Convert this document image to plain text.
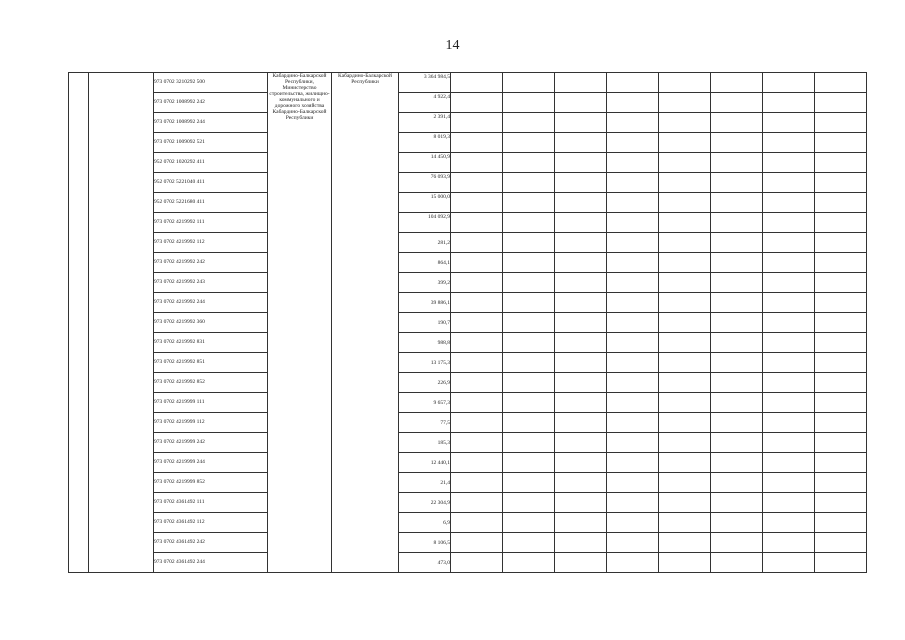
14

		973 0702 3210292 500	Кабардино-Балкарской Республики, Министерство строительства, жилищно-коммунального и дорожного хозяйства Кабардино-Балкарской Республики	Кабардино-Балкарской Республики	3 364 984,5									

		973 0702 1008992 242			4 922,4									

		973 0702 1008992 244			2 391,4									

		973 0702 1009092 521			8 019,3									

		952 0702 1020292 411			14 450,9									

		952 0702 5221040 411			76 093,9									

		952 0702 5221680 411			15 000,0									

		973 0702 4219992 111			104 092,9									

		973 0702 4219992 112			281,2									

		973 0702 4219992 242			864,1									

		973 0702 4219992 243			399,2									

		973 0702 4219992 244			39 886,1									

		973 0702 4219992 360			190,7									

		973 0702 4219992 831			988,8									

		973 0702 4219992 851			13 175,3									

		973 0702 4219992 852			226,9									

		973 0702 4219999 111			9 657,3									

		973 0702 4219999 112			77,5									

		973 0702 4219999 242			185,3									

		973 0702 4219999 244			12 440,1									

		973 0702 4219999 852			21,4									

		973 0702 4361492 111			22 304,9									

		973 0702 4361492 112			6,9									

		973 0702 4361492 242			8 106,5									

		973 0702 4361492 244			473,0									
